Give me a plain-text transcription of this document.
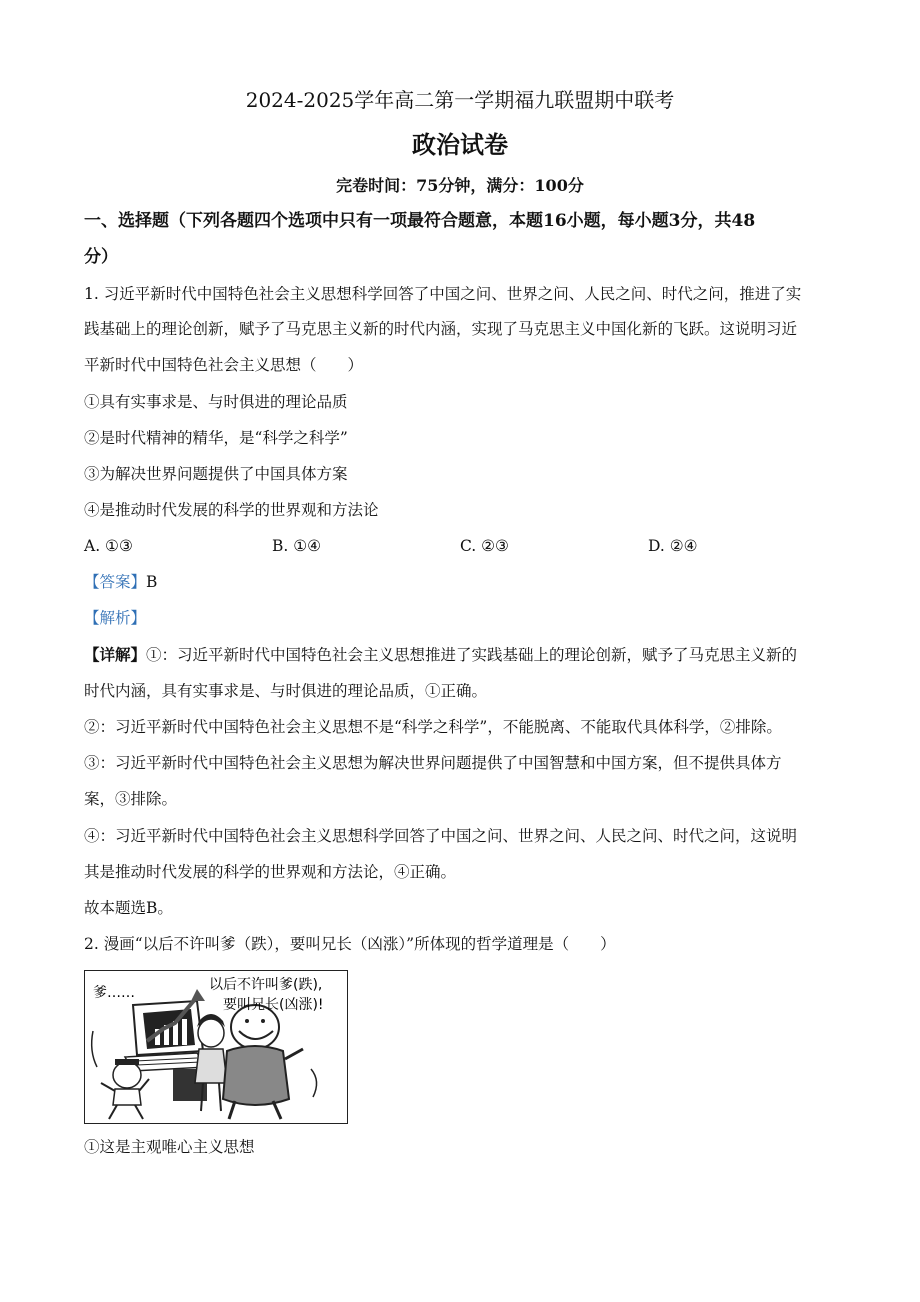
2024-2025学年高二第一学期福九联盟期中联考
政治试卷
完卷时间：75分钟，满分：100分
一、选择题（下列各题四个选项中只有一项最符合题意，本题16小题，每小题3分，共48
分）
1. 习近平新时代中国特色社会主义思想科学回答了中国之问、世界之问、人民之问、时代之问，推进了实
践基础上的理论创新，赋予了马克思主义新的时代内涵，实现了马克思主义中国化新的飞跃。这说明习近
平新时代中国特色社会主义思想（　　）
①具有实事求是、与时俱进的理论品质
②是时代精神的精华，是“科学之科学”
③为解决世界问题提供了中国具体方案
④是推动时代发展的科学的世界观和方法论
A. ①③	B. ①④	C. ②③	D. ②④
【答案】B
【解析】
【详解】①：习近平新时代中国特色社会主义思想推进了实践基础上的理论创新，赋予了马克思主义新的
时代内涵，具有实事求是、与时俱进的理论品质，①正确。
②：习近平新时代中国特色社会主义思想不是“科学之科学”，不能脱离、不能取代具体科学，②排除。
③：习近平新时代中国特色社会主义思想为解决世界问题提供了中国智慧和中国方案，但不提供具体方
案，③排除。
④：习近平新时代中国特色社会主义思想科学回答了中国之问、世界之问、人民之问、时代之问，这说明
其是推动时代发展的科学的世界观和方法论，④正确。
故本题选B。
2. 漫画“以后不许叫爹（跌），要叫兄长（凶涨）”所体现的哲学道理是（　　）
爹……	以后不许叫爹(跌),
要叫兄长(凶涨)!
①这是主观唯心主义思想
